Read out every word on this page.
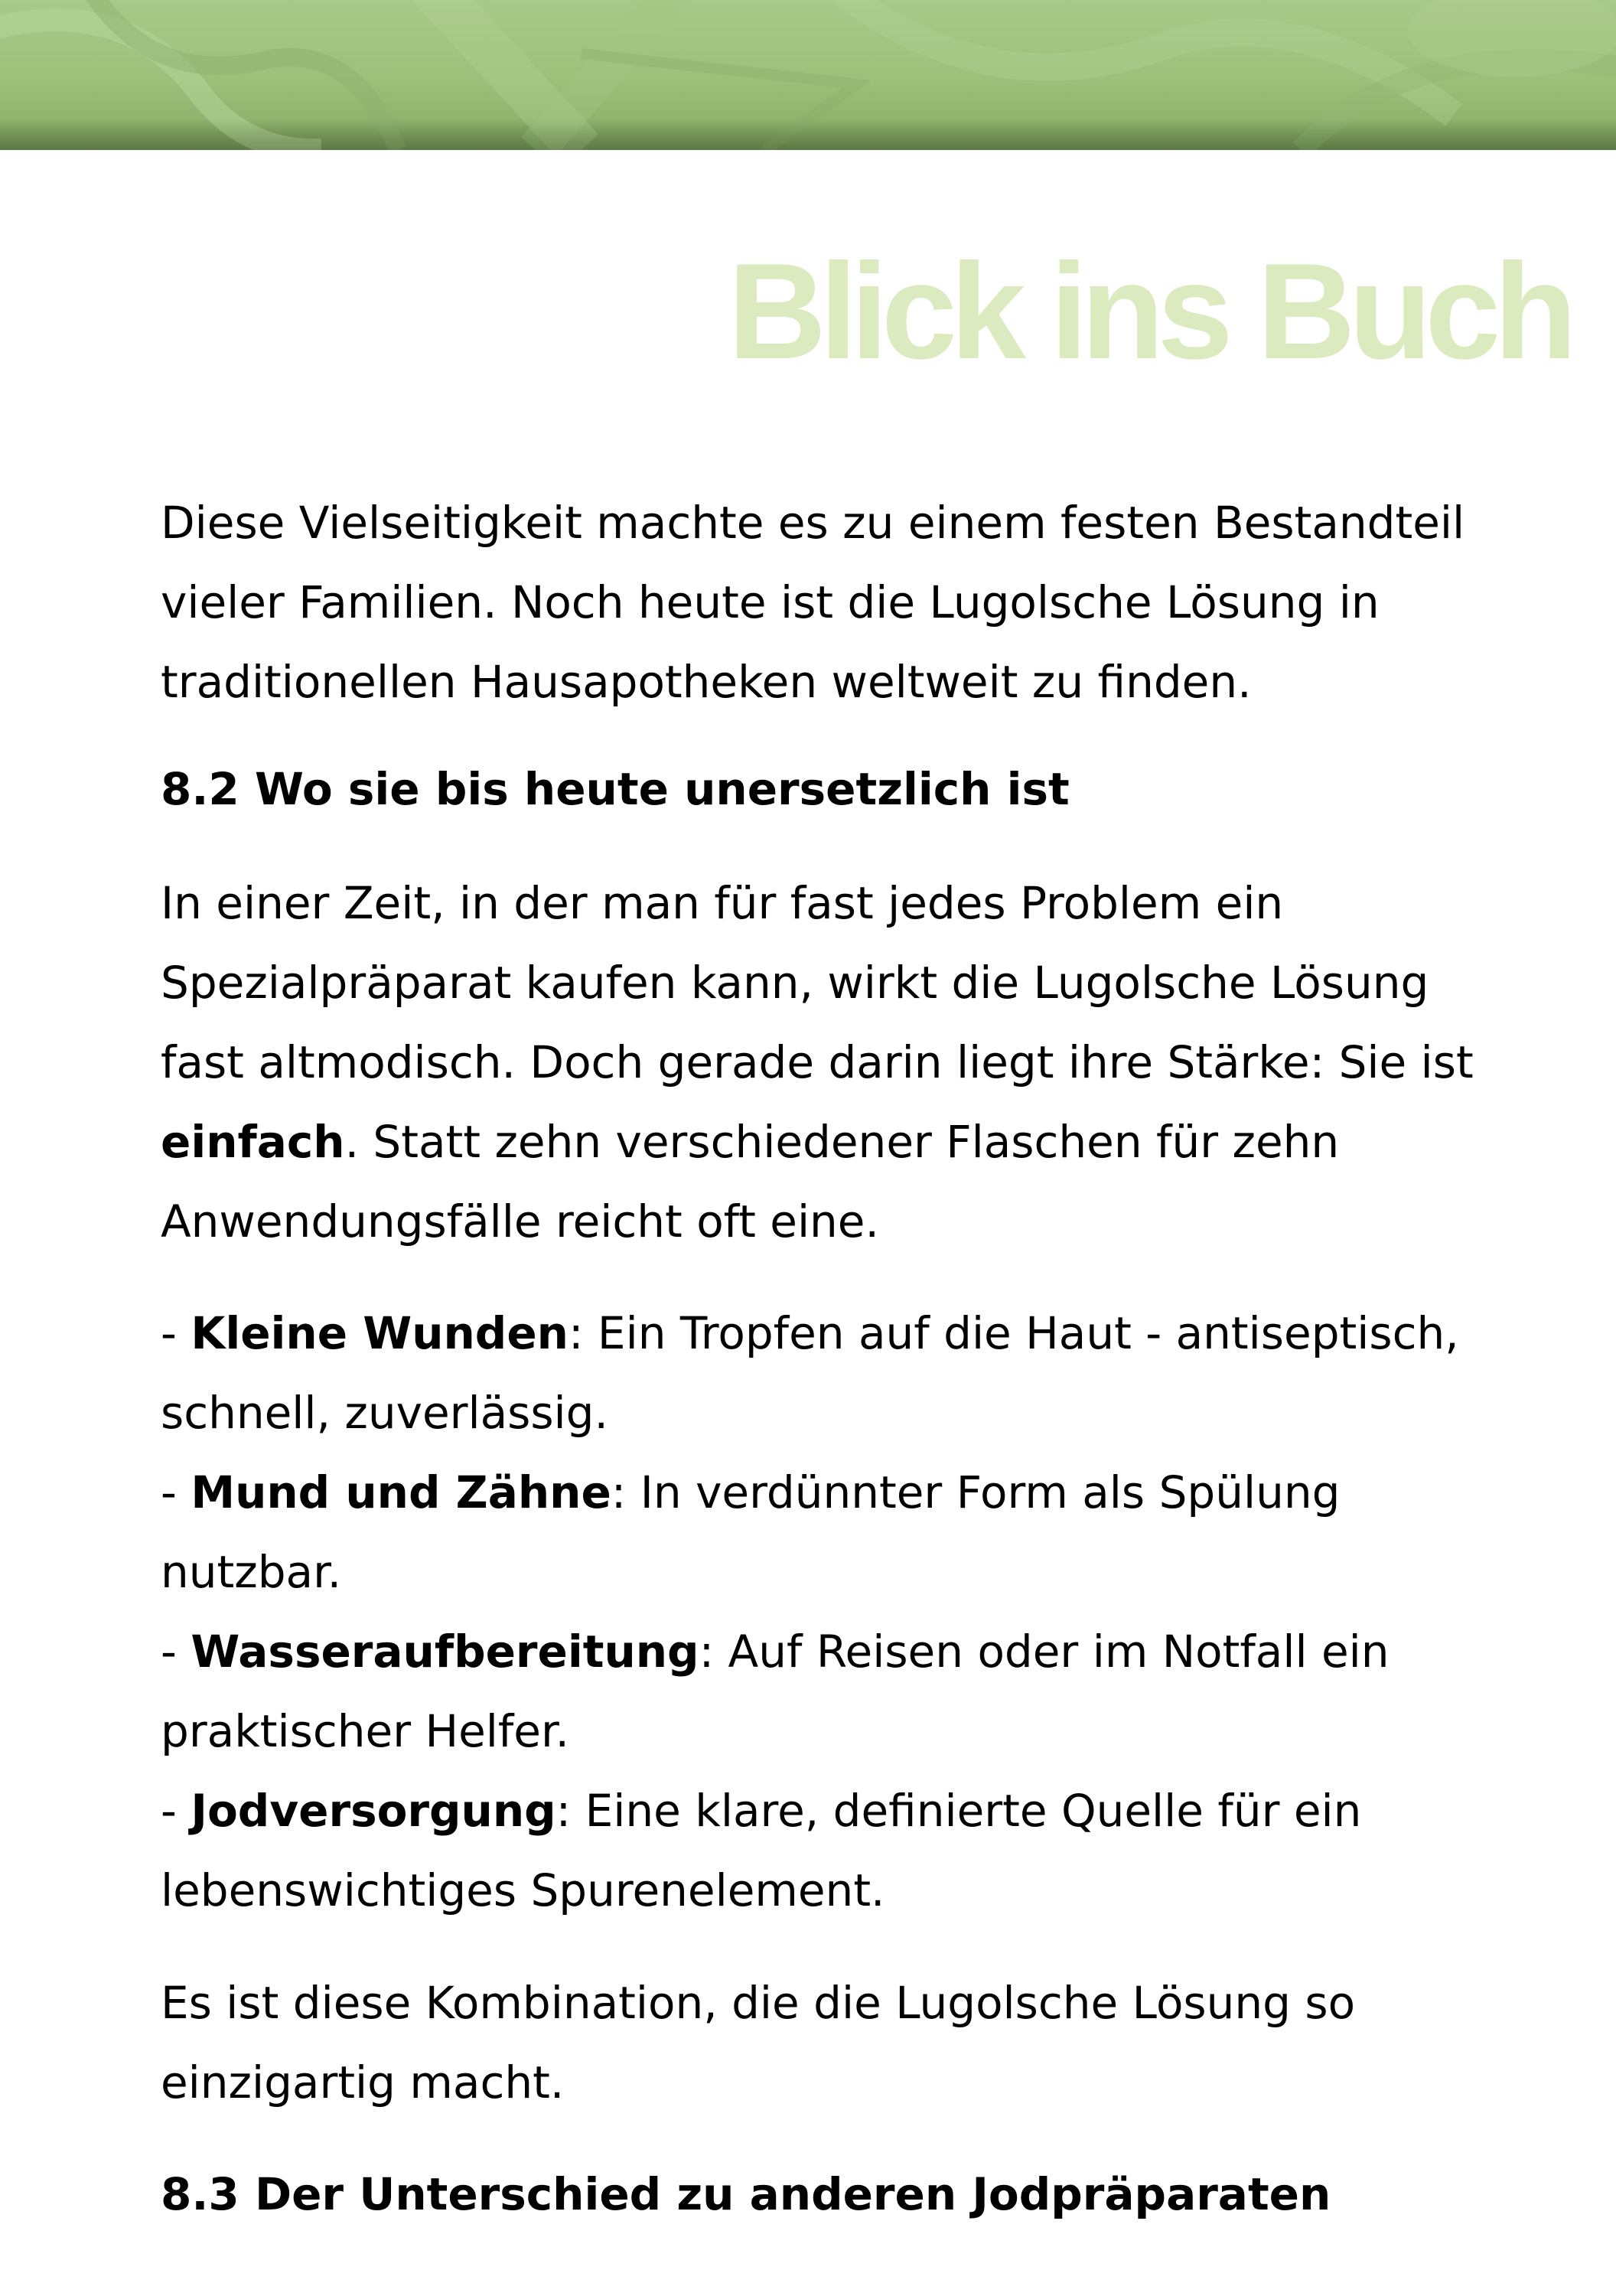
Blick ins Buch

Diese Vielseitigkeit machte es zu einem festen Bestandteil vieler Familien. Noch heute ist die Lugolsche Lösung in traditionellen Hausapotheken weltweit zu finden.

8.2 Wo sie bis heute unersetzlich ist

In einer Zeit, in der man für fast jedes Problem ein Spezialpräparat kaufen kann, wirkt die Lugolsche Lösung fast altmodisch. Doch gerade darin liegt ihre Stärke: Sie ist einfach. Statt zehn verschiedener Flaschen für zehn Anwendungsfälle reicht oft eine.

- Kleine Wunden: Ein Tropfen auf die Haut - antiseptisch, schnell, zuverlässig.

- Mund und Zähne: In verdünnter Form als Spülung nutzbar.

- Wasseraufbereitung: Auf Reisen oder im Notfall ein praktischer Helfer.

- Jodversorgung: Eine klare, definierte Quelle für ein lebenswichtiges Spurenelement.

Es ist diese Kombination, die die Lugolsche Lösung so einzigartig macht.

8.3 Der Unterschied zu anderen Jodpräparaten
